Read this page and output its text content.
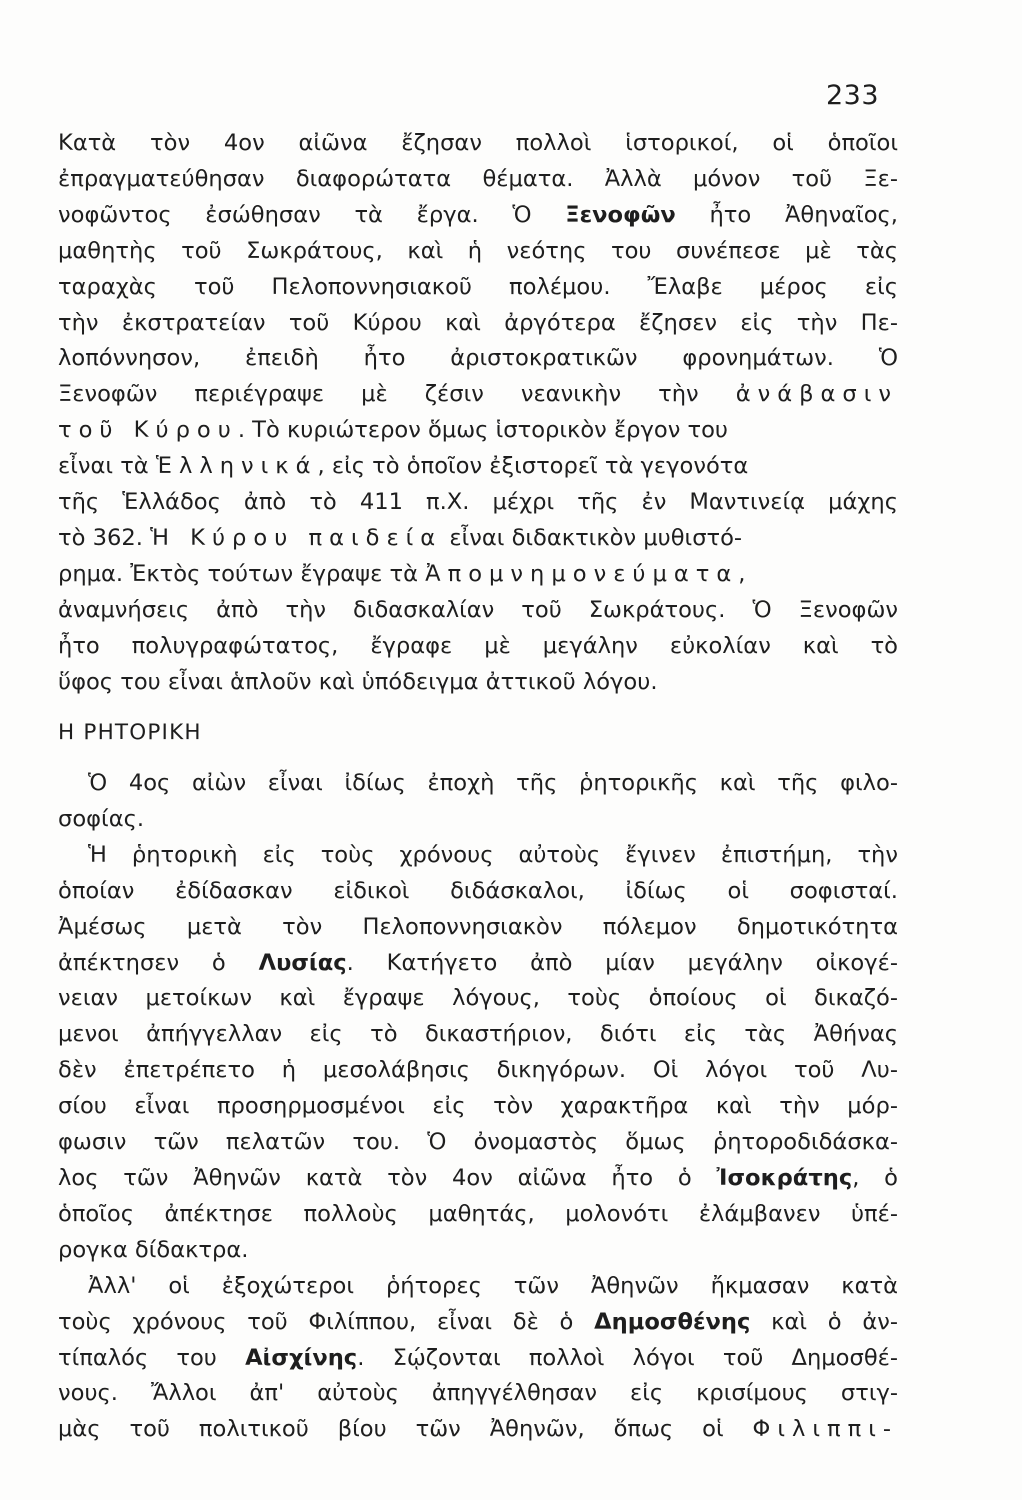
233
Κατὰ τὸν 4ον αἰῶνα ἔζησαν πολλοὶ ἱστορικοί, οἱ ὁποῖοι
ἐπραγματεύθησαν διαφορώτατα θέματα. Ἀλλὰ μόνον τοῦ Ξε-
νοφῶντος ἐσώθησαν τὰ ἔργα. Ὁ Ξενοφῶν ἦτο Ἀθηναῖος,
μαθητὴς τοῦ Σωκράτους, καὶ ἡ νεότης του συνέπεσε μὲ τὰς
ταραχὰς τοῦ Πελοποννησιακοῦ πολέμου. Ἔλαβε μέρος εἰς
τὴν ἐκστρατείαν τοῦ Κύρου καὶ ἀργότερα ἔζησεν εἰς τὴν Πε-
λοπόννησον, ἐπειδὴ ἦτο ἀριστοκρατικῶν φρονημάτων. Ὁ
Ξενοφῶν περιέγραψε μὲ ζέσιν νεανικὴν τὴν ἀνάβασιν
τοῦ Κύρου. Τὸ κυριώτερον ὅμως ἱστορικὸν ἔργον του
εἶναι τὰ Ἑλληνικά, εἰς τὸ ὁποῖον ἐξιστορεῖ τὰ γεγονότα
τῆς Ἑλλάδος ἀπὸ τὸ 411 π.Χ. μέχρι τῆς ἐν Μαντινείᾳ μάχης
τὸ 362. Ἡ Κύρου παιδεία εἶναι διδακτικὸν μυθιστό-
ρημα. Ἐκτὸς τούτων ἔγραψε τὰ Ἀπομνημονεύματα,
ἀναμνήσεις ἀπὸ τὴν διδασκαλίαν τοῦ Σωκράτους. Ὁ Ξενοφῶν
ἦτο πολυγραφώτατος, ἔγραφε μὲ μεγάλην εὐκολίαν καὶ τὸ
ὕφος του εἶναι ἁπλοῦν καὶ ὑπόδειγμα ἀττικοῦ λόγου.
Η ΡΗΤΟΡΙΚΗ
Ὁ 4ος αἰὼν εἶναι ἰδίως ἐποχὴ τῆς ῥητορικῆς καὶ τῆς φιλο-
σοφίας.
Ἡ ῥητορικὴ εἰς τοὺς χρόνους αὐτοὺς ἔγινεν ἐπιστήμη, τὴν
ὁποίαν ἐδίδασκαν εἰδικοὶ διδάσκαλοι, ἰδίως οἱ σοφισταί.
Ἀμέσως μετὰ τὸν Πελοποννησιακὸν πόλεμον δημοτικότητα
ἀπέκτησεν ὁ Λυσίας. Κατήγετο ἀπὸ μίαν μεγάλην οἰκογέ-
νειαν μετοίκων καὶ ἔγραψε λόγους, τοὺς ὁποίους οἱ δικαζό-
μενοι ἀπήγγελλαν εἰς τὸ δικαστήριον, διότι εἰς τὰς Ἀθήνας
δὲν ἐπετρέπετο ἡ μεσολάβησις δικηγόρων. Οἱ λόγοι τοῦ Λυ-
σίου εἶναι προσηρμοσμένοι εἰς τὸν χαρακτῆρα καὶ τὴν μόρ-
φωσιν τῶν πελατῶν του. Ὁ ὀνομαστὸς ὅμως ῥητοροδιδάσκα-
λος τῶν Ἀθηνῶν κατὰ τὸν 4ον αἰῶνα ἦτο ὁ Ἰσοκράτης, ὁ
ὁποῖος ἀπέκτησε πολλοὺς μαθητάς, μολονότι ἐλάμβανεν ὑπέ-
ρογκα δίδακτρα.
Ἀλλ' οἱ ἐξοχώτεροι ῥήτορες τῶν Ἀθηνῶν ἤκμασαν κατὰ
τοὺς χρόνους τοῦ Φιλίππου, εἶναι δὲ ὁ Δημοσθένης καὶ ὁ ἀν-
τίπαλός του Αἰσχίνης. Σῴζονται πολλοὶ λόγοι τοῦ Δημοσθέ-
νους. Ἄλλοι ἀπ' αὐτοὺς ἀπηγγέλθησαν εἰς κρισίμους στιγ-
μὰς τοῦ πολιτικοῦ βίου τῶν Ἀθηνῶν, ὅπως οἱ Φιλιππι-
